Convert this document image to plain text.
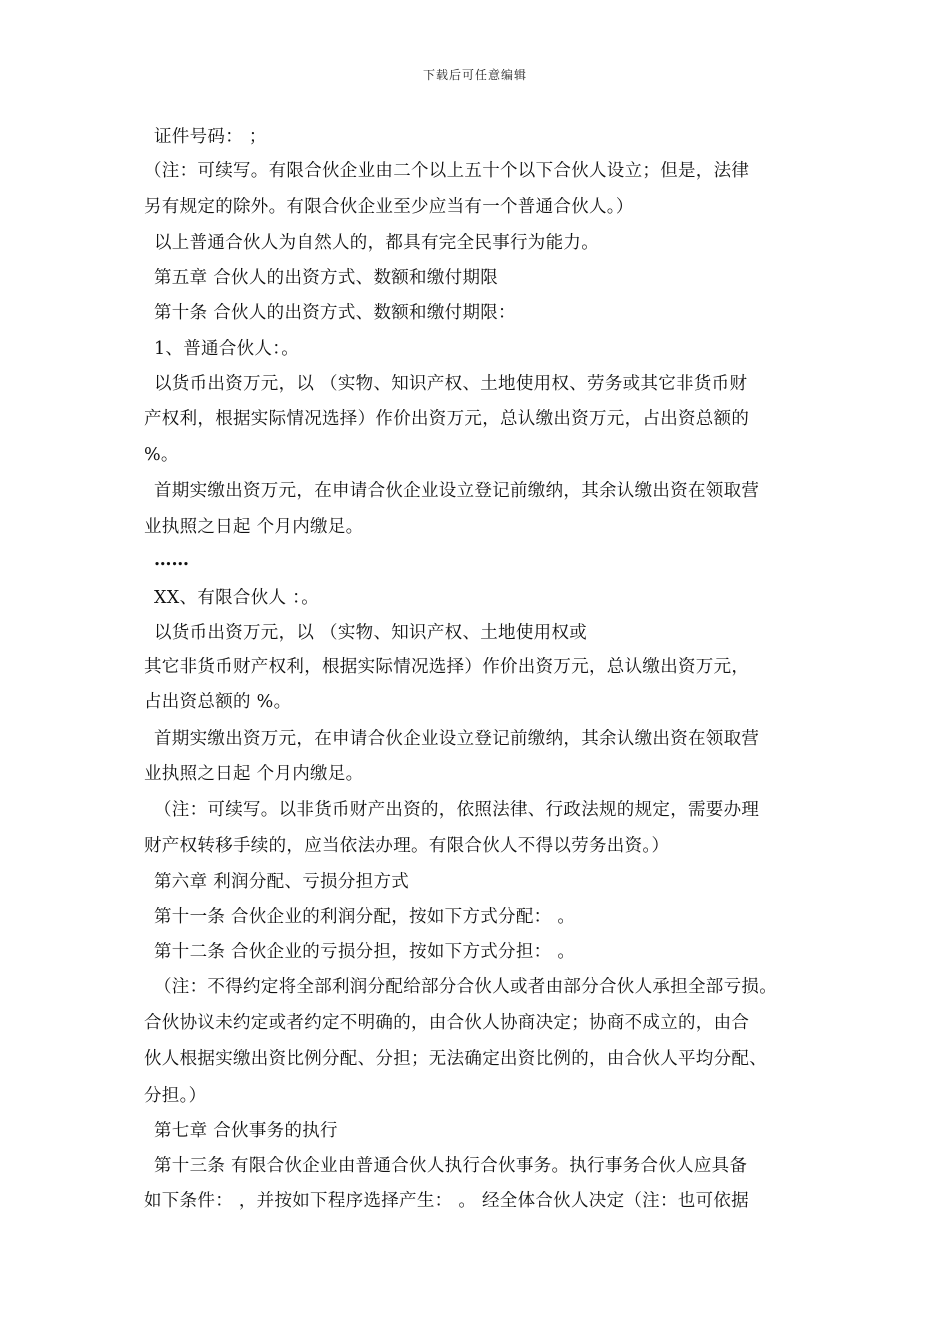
下载后可任意编辑
证件号码： ；
（注：可续写。有限合伙企业由二个以上五十个以下合伙人设立；但是，法律
另有规定的除外。有限合伙企业至少应当有一个普通合伙人。）
以上普通合伙人为自然人的，都具有完全民事行为能力。
第五章 合伙人的出资方式、数额和缴付期限
第十条 合伙人的出资方式、数额和缴付期限：
1、普通合伙人：。
以货币出资万元，以 （实物、知识产权、土地使用权、劳务或其它非货币财
产权利，根据实际情况选择）作价出资万元，总认缴出资万元，占出资总额的
%。
首期实缴出资万元，在申请合伙企业设立登记前缴纳，其余认缴出资在领取营
业执照之日起 个月内缴足。
……
XX、有限合伙人 ：。
以货币出资万元，以 （实物、知识产权、土地使用权或
其它非货币财产权利，根据实际情况选择）作价出资万元，总认缴出资万元，
占出资总额的 %。
首期实缴出资万元，在申请合伙企业设立登记前缴纳，其余认缴出资在领取营
业执照之日起 个月内缴足。
（注：可续写。以非货币财产出资的，依照法律、行政法规的规定，需要办理
财产权转移手续的，应当依法办理。有限合伙人不得以劳务出资。）
第六章 利润分配、亏损分担方式
第十一条 合伙企业的利润分配，按如下方式分配： 。
第十二条 合伙企业的亏损分担，按如下方式分担： 。
（注：不得约定将全部利润分配给部分合伙人或者由部分合伙人承担全部亏损。
合伙协议未约定或者约定不明确的，由合伙人协商决定；协商不成立的，由合
伙人根据实缴出资比例分配、分担；无法确定出资比例的，由合伙人平均分配、
分担。）
第七章 合伙事务的执行
第十三条 有限合伙企业由普通合伙人执行合伙事务。执行事务合伙人应具备
如下条件： ，并按如下程序选择产生： 。 经全体合伙人决定（注：也可依据
